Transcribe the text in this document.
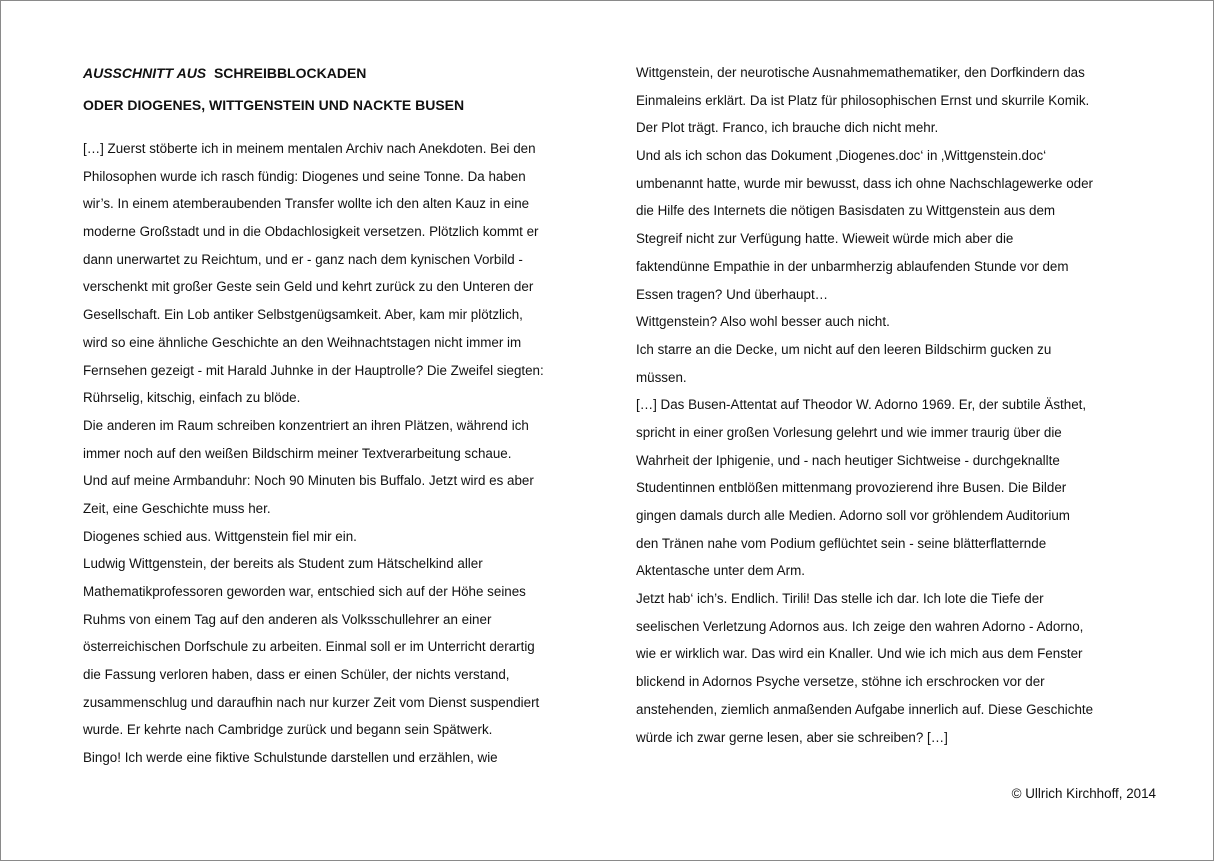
AUSSCHNITT AUS SCHREIBBLOCKADEN
ODER DIOGENES, WITTGENSTEIN UND NACKTE BUSEN
[…] Zuerst stöberte ich in meinem mentalen Archiv nach Anekdoten. Bei den
Philosophen wurde ich rasch fündig: Diogenes und seine Tonne. Da haben
wir’s. In einem atemberaubenden Transfer wollte ich den alten Kauz in eine
moderne Großstadt und in die Obdachlosigkeit versetzen. Plötzlich kommt er
dann unerwartet zu Reichtum, und er - ganz nach dem kynischen Vorbild -
verschenkt mit großer Geste sein Geld und kehrt zurück zu den Unteren der
Gesellschaft. Ein Lob antiker Selbstgenügsamkeit. Aber, kam mir plötzlich,
wird so eine ähnliche Geschichte an den Weihnachtstagen nicht immer im
Fernsehen gezeigt - mit Harald Juhnke in der Hauptrolle? Die Zweifel siegten:
Rührselig, kitschig, einfach zu blöde.
Die anderen im Raum schreiben konzentriert an ihren Plätzen, während ich
immer noch auf den weißen Bildschirm meiner Textverarbeitung schaue.
Und auf meine Armbanduhr: Noch 90 Minuten bis Buffalo. Jetzt wird es aber
Zeit, eine Geschichte muss her.
Diogenes schied aus. Wittgenstein fiel mir ein.
Ludwig Wittgenstein, der bereits als Student zum Hätschelkind aller
Mathematikprofessoren geworden war, entschied sich auf der Höhe seines
Ruhms von einem Tag auf den anderen als Volksschullehrer an einer
österreichischen Dorfschule zu arbeiten. Einmal soll er im Unterricht derartig
die Fassung verloren haben, dass er einen Schüler, der nichts verstand,
zusammenschlug und daraufhin nach nur kurzer Zeit vom Dienst suspendiert
wurde. Er kehrte nach Cambridge zurück und begann sein Spätwerk.
Bingo! Ich werde eine fiktive Schulstunde darstellen und erzählen, wie
Wittgenstein, der neurotische Ausnahmemathematiker, den Dorfkindern das
Einmaleins erklärt. Da ist Platz für philosophischen Ernst und skurrile Komik.
Der Plot trägt. Franco, ich brauche dich nicht mehr.
Und als ich schon das Dokument ‚Diogenes.doc‘ in ‚Wittgenstein.doc‘
umbenannt hatte, wurde mir bewusst, dass ich ohne Nachschlagewerke oder
die Hilfe des Internets die nötigen Basisdaten zu Wittgenstein aus dem
Stegreif nicht zur Verfügung hatte. Wieweit würde mich aber die
faktendünne Empathie in der unbarmherzig ablaufenden Stunde vor dem
Essen tragen? Und überhaupt…
Wittgenstein? Also wohl besser auch nicht.
Ich starre an die Decke, um nicht auf den leeren Bildschirm gucken zu
müssen.
[…] Das Busen-Attentat auf Theodor W. Adorno 1969. Er, der subtile Ästhet,
spricht in einer großen Vorlesung gelehrt und wie immer traurig über die
Wahrheit der Iphigenie, und - nach heutiger Sichtweise - durchgeknallte
Studentinnen entblößen mittenmang provozierend ihre Busen. Die Bilder
gingen damals durch alle Medien. Adorno soll vor gröhlendem Auditorium
den Tränen nahe vom Podium geflüchtet sein - seine blätterflatternde
Aktentasche unter dem Arm.
Jetzt hab‘ ich’s. Endlich. Tirili! Das stelle ich dar. Ich lote die Tiefe der
seelischen Verletzung Adornos aus. Ich zeige den wahren Adorno - Adorno,
wie er wirklich war. Das wird ein Knaller. Und wie ich mich aus dem Fenster
blickend in Adornos Psyche versetze, stöhne ich erschrocken vor der
anstehenden, ziemlich anmaßenden Aufgabe innerlich auf. Diese Geschichte
würde ich zwar gerne lesen, aber sie schreiben? […]
© Ullrich Kirchhoff, 2014
